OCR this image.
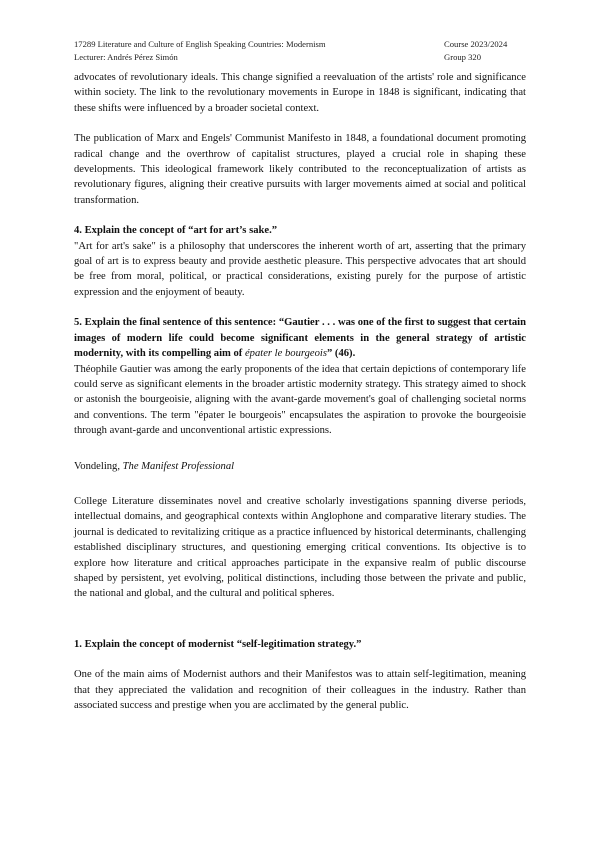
17289 Literature and Culture of English Speaking Countries: Modernism	Course 2023/2024
Lecturer: Andrés Pérez Simón	Group 320

advocates of revolutionary ideals. This change signified a reevaluation of the artists' role and significance within society. The link to the revolutionary movements in Europe in 1848 is significant, indicating that these shifts were influenced by a broader societal context.

The publication of Marx and Engels' Communist Manifesto in 1848, a foundational document promoting radical change and the overthrow of capitalist structures, played a crucial role in shaping these developments. This ideological framework likely contributed to the reconceptualization of artists as revolutionary figures, aligning their creative pursuits with larger movements aimed at social and political transformation.

4. Explain the concept of “art for art’s sake.”

"Art for art's sake" is a philosophy that underscores the inherent worth of art, asserting that the primary goal of art is to express beauty and provide aesthetic pleasure. This perspective advocates that art should be free from moral, political, or practical considerations, existing purely for the purpose of artistic expression and the enjoyment of beauty.

5. Explain the final sentence of this sentence: “Gautier . . . was one of the first to suggest that certain images of modern life could become significant elements in the general strategy of artistic modernity, with its compelling aim of épater le bourgeois” (46).

Théophile Gautier was among the early proponents of the idea that certain depictions of contemporary life could serve as significant elements in the broader artistic modernity strategy. This strategy aimed to shock or astonish the bourgeoisie, aligning with the avant-garde movement's goal of challenging societal norms and conventions. The term "épater le bourgeois" encapsulates the aspiration to provoke the bourgeoisie through avant-garde and unconventional artistic expressions.

Vondeling, The Manifest Professional

College Literature disseminates novel and creative scholarly investigations spanning diverse periods, intellectual domains, and geographical contexts within Anglophone and comparative literary studies. The journal is dedicated to revitalizing critique as a practice influenced by historical determinants, challenging established disciplinary structures, and questioning emerging critical conventions. Its objective is to explore how literature and critical approaches participate in the expansive realm of public discourse shaped by persistent, yet evolving, political distinctions, including those between the private and public, the national and global, and the cultural and political spheres.

1. Explain the concept of modernist “self-legitimation strategy.”

One of the main aims of Modernist authors and their Manifestos was to attain self-legitimation, meaning that they appreciated the validation and recognition of their colleagues in the industry. Rather than associated success and prestige when you are acclimated by the general public.
